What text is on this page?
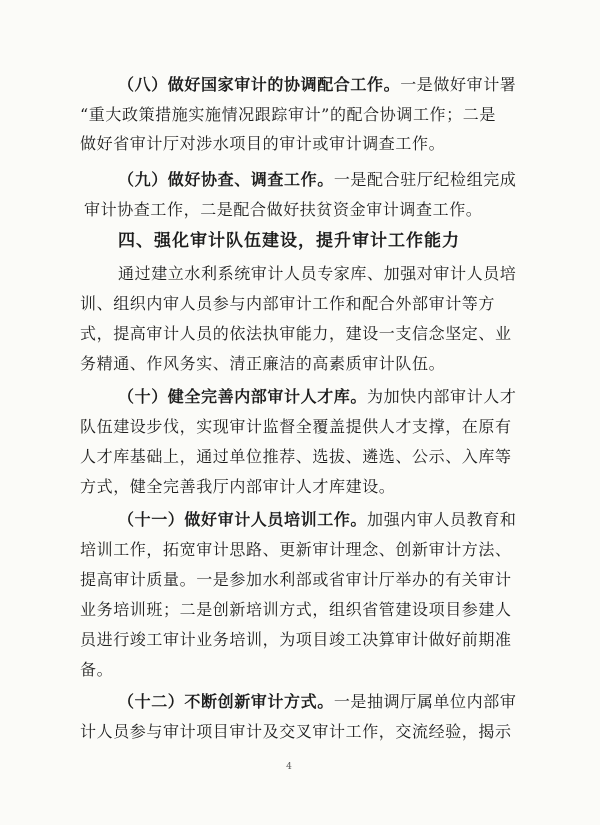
（八）做好国家审计的协调配合工作。一是做好审计署
“重大政策措施实施情况跟踪审计”的配合协调工作；二是
做好省审计厅对涉水项目的审计或审计调查工作。
（九）做好协查、调查工作。一是配合驻厅纪检组完成
审计协查工作，二是配合做好扶贫资金审计调查工作。
四、强化审计队伍建设，提升审计工作能力
通过建立水利系统审计人员专家库、加强对审计人员培
训、组织内审人员参与内部审计工作和配合外部审计等方
式，提高审计人员的依法执审能力，建设一支信念坚定、业
务精通、作风务实、清正廉洁的高素质审计队伍。
（十）健全完善内部审计人才库。为加快内部审计人才
队伍建设步伐，实现审计监督全覆盖提供人才支撑，在原有
人才库基础上，通过单位推荐、选拔、遴选、公示、入库等
方式，健全完善我厅内部审计人才库建设。
（十一）做好审计人员培训工作。加强内审人员教育和
培训工作，拓宽审计思路、更新审计理念、创新审计方法、
提高审计质量。一是参加水利部或省审计厅举办的有关审计
业务培训班；二是创新培训方式，组织省管建设项目参建人
员进行竣工审计业务培训，为项目竣工决算审计做好前期准
备。
（十二）不断创新审计方式。一是抽调厅属单位内部审
计人员参与审计项目审计及交叉审计工作，交流经验，揭示
4
